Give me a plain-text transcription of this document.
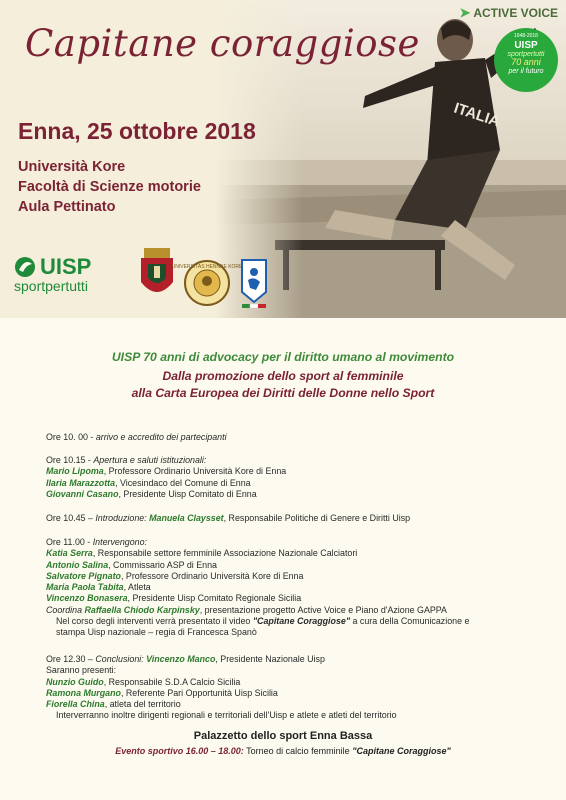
Capitane coraggiose
➤ ACTIVE VOICE
1948-2018
UISP
sportpertutti
70 anni
per il futuro
Enna, 25 ottobre 2018
Università Kore
Facoltà di Scienze motorie
Aula Pettinato
UISP
sportpertutti
UNIVERSITAS HENNAE KORE
UISP 70 anni di advocacy per il diritto umano al movimento
Dalla promozione dello sport al femminile
alla Carta Europea dei Diritti delle Donne nello Sport
Ore 10. 00 - arrivo e accredito dei partecipanti
Ore 10.15 - Apertura e saluti istituzionali:
Mario Lipoma, Professore Ordinario Università Kore di Enna
Ilaria Marazzotta, Vicesindaco del Comune di Enna
Giovanni Casano, Presidente Uisp Comitato di Enna
Ore 10.45 – Introduzione: Manuela Claysset, Responsabile Politiche di Genere e Diritti Uisp
Ore 11.00 - Intervengono:
Katia Serra, Responsabile settore femminile Associazione Nazionale Calciatori
Antonio Salina, Commissario ASP di Enna
Salvatore Pignato, Professore Ordinario Università Kore di Enna
Maria Paola Tabita, Atleta
Vincenzo Bonasera, Presidente Uisp Comitato Regionale Sicilia
Coordina Raffaella Chiodo Karpinsky, presentazione progetto Active Voice e Piano d'Azione GAPPA
Nel corso degli interventi verrà presentato il video "Capitane Coraggiose" a cura della Comunicazione e
stampa Uisp nazionale – regia di Francesca Spanò
Ore 12.30 – Conclusioni: Vincenzo Manco, Presidente Nazionale Uisp
Saranno presenti:
Nunzio Guido, Responsabile S.D.A Calcio Sicilia
Ramona Murgano, Referente Pari Opportunità Uisp Sicilia
Fiorella China, atleta del territorio
Interverranno inoltre dirigenti regionali e territoriali dell'Uisp e atlete e atleti del territorio
Palazzetto dello sport Enna Bassa
Evento sportivo 16.00 – 18.00: Torneo di calcio femminile "Capitane Coraggiose"
